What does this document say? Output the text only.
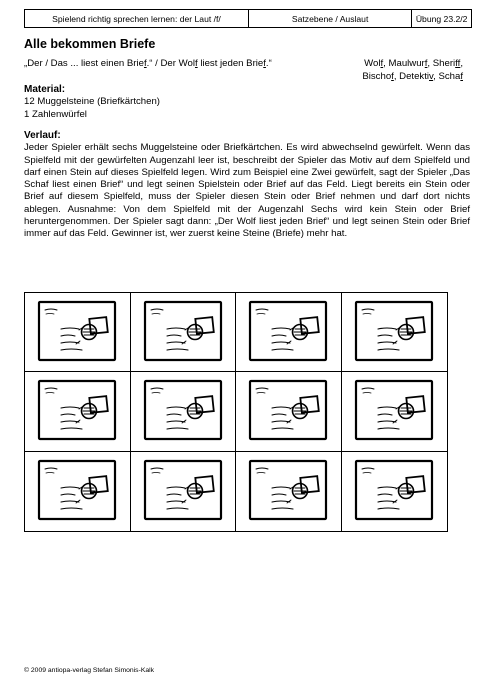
Spielend richtig sprechen lernen: der Laut /f/	Satzebene / Auslaut	Übung 23.2/2
Alle bekommen Briefe
„Der / Das ... liest einen Brief.“ / Der Wolf liest jeden Brief.“	Wolf, Maulwurf, Sheriff,
Bischof, Detektiv, Schaf
Material:
12 Muggelsteine (Briefkärtchen)
1 Zahlenwürfel
Verlauf:
Jeder Spieler erhält sechs Muggelsteine oder Briefkärtchen. Es wird abwechselnd gewürfelt. Wenn das Spielfeld mit der gewürfelten Augenzahl leer ist, beschreibt der Spieler das Motiv auf dem Spielfeld und darf einen Stein auf dieses Spielfeld legen. Wird zum Beispiel eine Zwei gewürfelt, sagt der Spieler „Das Schaf liest einen Brief“ und legt seinen Spielstein oder Brief auf das Feld. Liegt bereits ein Stein oder Brief auf diesem Spielfeld, muss der Spieler diesen Stein oder Brief nehmen und darf dort nichts ablegen. Ausnahme: Von dem Spielfeld mit der Augenzahl Sechs wird kein Stein oder Brief heruntergenommen. Der Spieler sagt dann: „Der Wolf liest jeden Brief“ und legt seinen Stein oder Brief immer auf das Feld. Gewinner ist, wer zuerst keine Steine (Briefe) mehr hat.
© 2009 antiopa-verlag Stefan Simonis-Kalk
